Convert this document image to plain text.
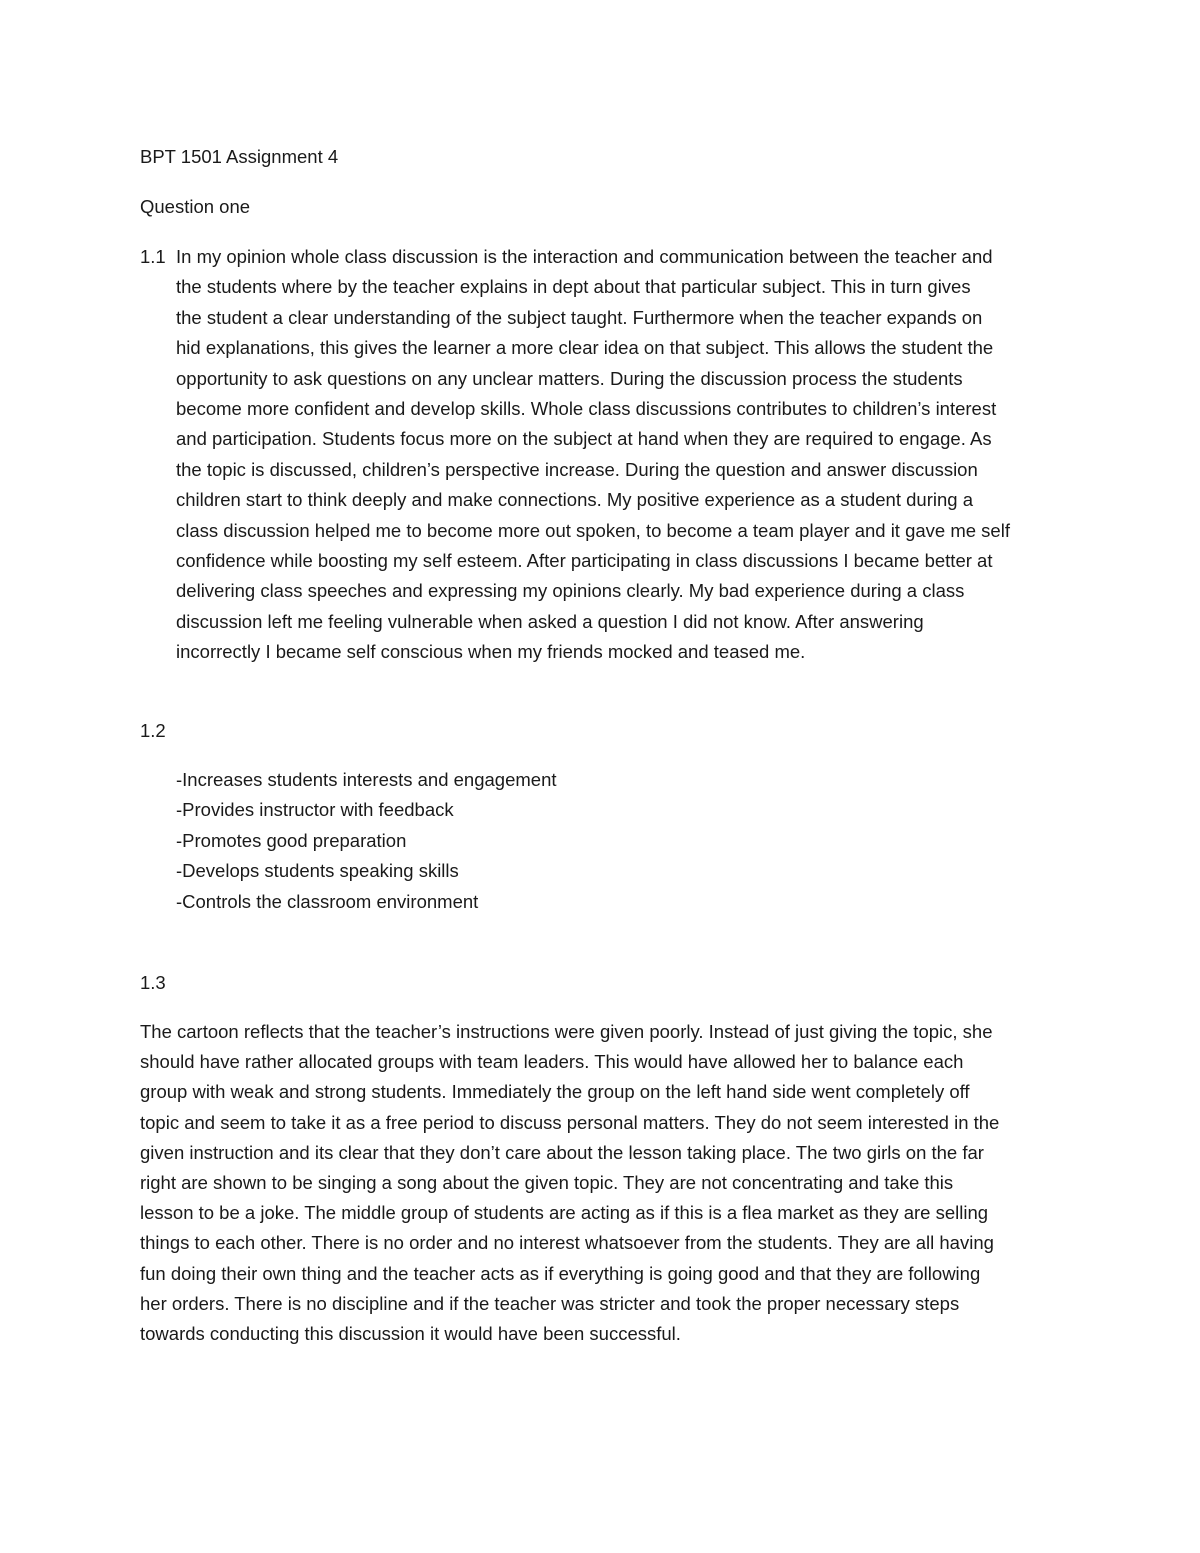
BPT 1501 Assignment 4
Question one
1.1 In my opinion whole class discussion is the interaction and communication between the teacher and
the students where by the teacher explains in dept about that particular subject. This in turn gives
the student a clear understanding of the subject taught. Furthermore when the teacher expands on
hid explanations, this gives the learner a more clear idea on that subject. This allows the student the
opportunity to ask questions on any unclear matters. During the discussion process the students
become more confident and develop skills. Whole class discussions contributes to children’s interest
and participation. Students focus more on the subject at hand when they are required to engage. As
the topic is discussed, children’s perspective increase. During the question and answer discussion
children start to think deeply and make connections. My positive experience as a student during a
class discussion helped me to become more out spoken, to become a team player and it gave me self
confidence while boosting my self esteem. After participating in class discussions I became better at
delivering class speeches and expressing my opinions clearly. My bad experience during a class
discussion left me feeling vulnerable when asked a question I did not know. After answering
incorrectly I became self conscious when my friends mocked and teased me.
1.2
-Increases students interests and engagement
-Provides instructor with feedback
-Promotes good preparation
-Develops students speaking skills
-Controls the classroom environment
1.3
The cartoon reflects that the teacher’s instructions were given poorly. Instead of just giving the topic, she
should have rather allocated groups with team leaders. This would have allowed her to balance each
group with weak and strong students. Immediately the group on the left hand side went completely off
topic and seem to take it as a free period to discuss personal matters. They do not seem interested in the
given instruction and its clear that they don’t care about the lesson taking place. The two girls on the far
right are shown to be singing a song about the given topic. They are not concentrating and take this
lesson to be a joke. The middle group of students are acting as if this is a flea market as they are selling
things to each other. There is no order and no interest whatsoever from the students. They are all having
fun doing their own thing and the teacher acts as if everything is going good and that they are following
her orders. There is no discipline and if the teacher was stricter and took the proper necessary steps
towards conducting this discussion it would have been successful.
